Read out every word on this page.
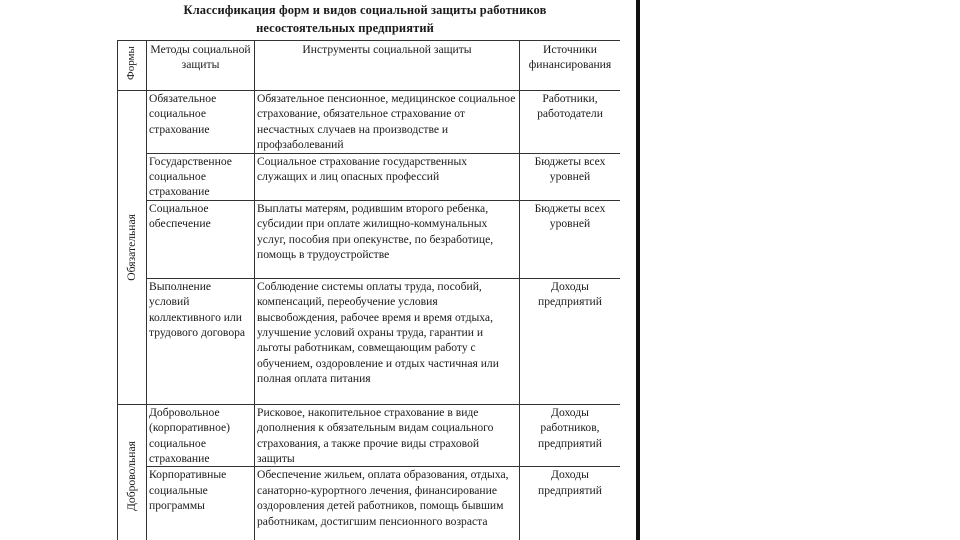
Классификация форм и видов социальной защиты работников
несостоятельных предприятий
Формы	Методы социальной защиты	Инструменты социальной защиты	Источники финансирования

Обязательная	Обязательное социальное страхование	Обязательное пенсионное, медицинское социальное страхование, обязательное страхование от несчастных случаев на производстве и профзаболеваний	Работники, работодатели
	Государственное социальное страхование	Социальное страхование государственных служащих и лиц опасных профессий	Бюджеты всех уровней
	Социальное обеспечение	Выплаты матерям, родившим второго ребенка, субсидии при оплате жилищно-коммунальных услуг, пособия при опекунстве, по безработице, помощь в трудоустройстве	Бюджеты всех уровней
	Выполнение условий коллективного или трудового договора	Соблюдение системы оплаты труда, пособий, компенсаций, переобучение условия высвобождения, рабочее время и время отдыха, улучшение условий охраны труда, гарантии и льготы работникам, совмещающим работу с обучением, оздоровление и отдых частичная или полная оплата питания	Доходы предприятий

Добровольная	Добровольное (корпоративное) социальное страхование	Рисковое, накопительное страхование в виде дополнения к обязательным видам социального страхования, а также прочие виды страховой защиты	Доходы работников, предприятий
	Корпоративные социальные программы	Обеспечение жильем, оплата образования, отдыха, санаторно-курортного лечения, финансирование оздоровления детей работников, помощь бывшим работникам, достигшим пенсионного возраста	Доходы предприятий
